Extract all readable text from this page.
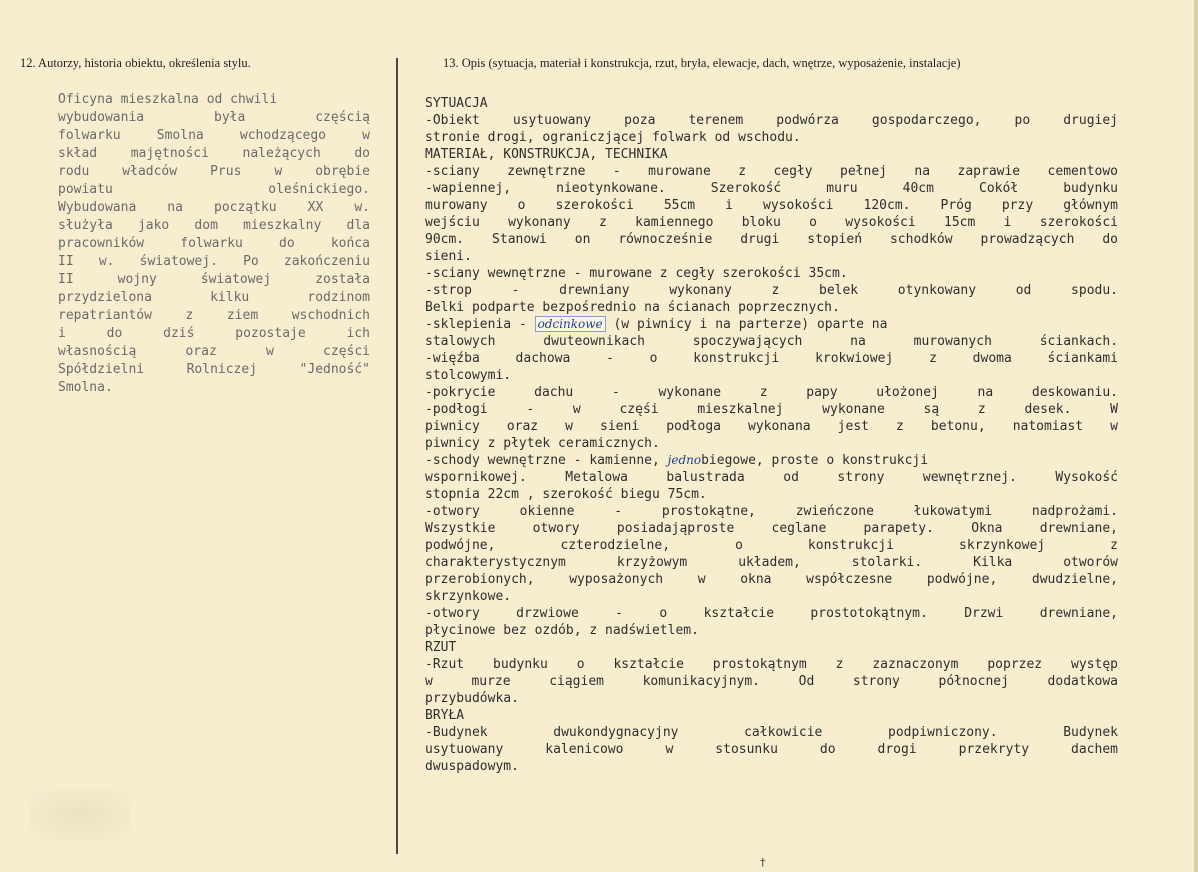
12. Autorzy, historia obiektu, określenia stylu.	13. Opis (sytuacja, materiał i konstrukcja, rzut, bryła, elewacje, dach, wnętrze, wyposażenie, instalacje)
Oficyna mieszkalna od chwili
wybudowania była częścią
folwarku Smolna wchodzącego w
skład majętności należących do
rodu władców Prus w obrębie
powiatu oleśnickiego.
Wybudowana na początku XX w.
służyła jako dom mieszkalny dla
pracowników folwarku do końca
II w. światowej. Po zakończeniu
II wojny światowej została
przydzielona kilku rodzinom
repatriantów z ziem wschodnich
i do dziś pozostaje ich
własnością oraz w części
Spółdzielni Rolniczej "Jedność"
Smolna.
SYTUACJA
-Obiekt usytuowany poza terenem podwórza gospodarczego, po drugiej
stronie drogi, ograniczjącej folwark od wschodu.
MATERIAŁ, KONSTRUKCJA, TECHNIKA
-sciany zewnętrzne - murowane z cegły pełnej na zaprawie cementowo
-wapiennej, nieotynkowane. Szerokość muru 40cm Cokół budynku
murowany o szerokości 55cm i wysokości 120cm. Próg przy głównym
wejściu wykonany z kamiennego bloku o wysokości 15cm i szerokości
90cm. Stanowi on równocześnie drugi stopień schodków prowadzących do
sieni.
-sciany wewnętrzne - murowane z cegły szerokości 35cm.
-strop - drewniany wykonany z belek otynkowany od spodu.
Belki podparte bezpośrednio na ścianach poprzecznych.
-sklepienia - odcinkowe (w piwnicy i na parterze) oparte na
stalowych dwuteownikach spoczywających na murowanych ściankach.
-więźba dachowa - o konstrukcji krokwiowej z dwoma ściankami
stolcowymi.
-pokrycie dachu - wykonane z papy ułożonej na deskowaniu.
-podłogi - w częśi mieszkalnej wykonane są z desek. W
piwnicy oraz w sieni podłoga wykonana jest z betonu, natomiast w
piwnicy z płytek ceramicznych.
-schody wewnętrzne - kamienne, jednobiegowe, proste o konstrukcji
wspornikowej. Metalowa balustrada od strony wewnętrznej. Wysokość
stopnia 22cm , szerokość biegu 75cm.
-otwory okienne - prostokątne, zwieńczone łukowatymi nadprożami.
Wszystkie otwory posiadająproste ceglane parapety. Okna drewniane,
podwójne, czterodzielne, o konstrukcji skrzynkowej z
charakterystycznym krzyżowym układem, stolarki. Kilka otworów
przerobionych, wyposażonych w okna współczesne podwójne, dwudzielne,
skrzynkowe.
-otwory drzwiowe - o kształcie prostotokątnym. Drzwi drewniane,
płycinowe bez ozdób, z nadświetlem.
RZUT
-Rzut budynku o kształcie prostokątnym z zaznaczonym poprzez występ
w murze ciągiem komunikacyjnym. Od strony północnej dodatkowa
przybudówka.
BRYŁA
-Budynek dwukondygnacyjny całkowicie podpiwniczony. Budynek
usytuowany kalenicowo w stosunku do drogi przekryty dachem
dwuspadowym.
†
